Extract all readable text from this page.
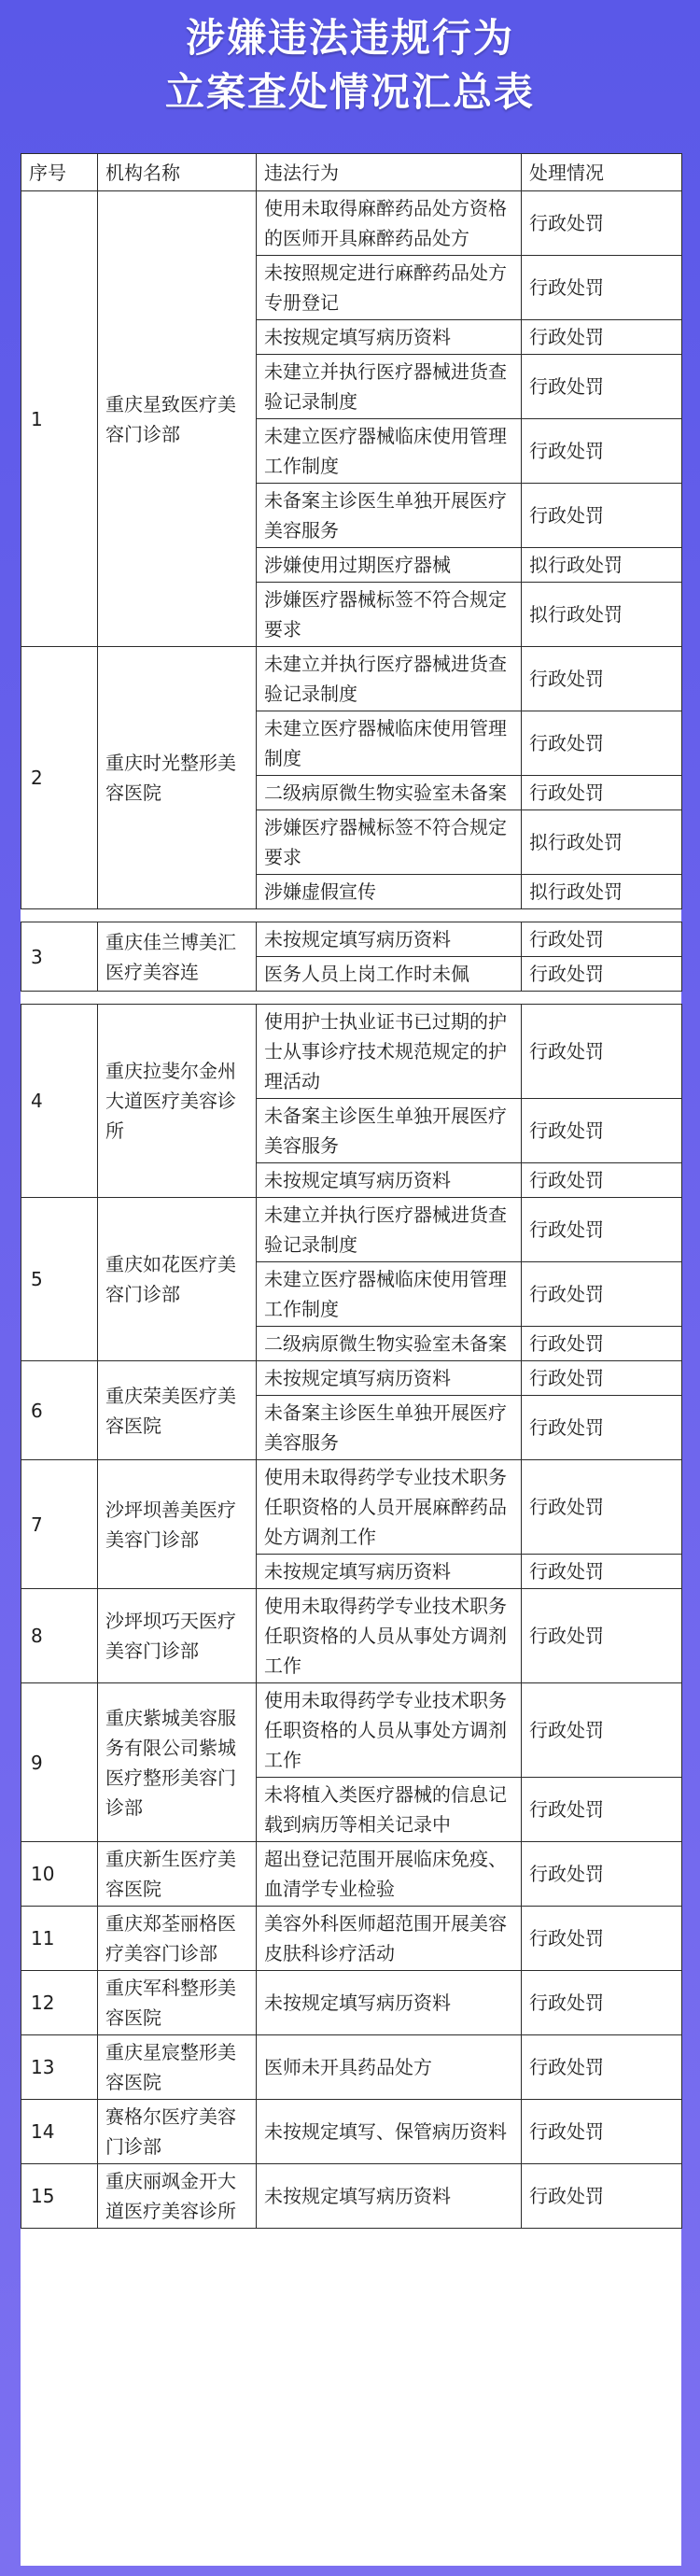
涉嫌违法违规行为
立案查处情况汇总表
序号	机构名称	违法行为	处理情况
1	重庆星致医疗美容门诊部	使用未取得麻醉药品处方资格的医师开具麻醉药品处方	行政处罚
		未按照规定进行麻醉药品处方专册登记	行政处罚
		未按规定填写病历资料	行政处罚
		未建立并执行医疗器械进货查验记录制度	行政处罚
		未建立医疗器械临床使用管理工作制度	行政处罚
		未备案主诊医生单独开展医疗美容服务	行政处罚
		涉嫌使用过期医疗器械	拟行政处罚
		涉嫌医疗器械标签不符合规定要求	拟行政处罚
2	重庆时光整形美容医院	未建立并执行医疗器械进货查验记录制度	行政处罚
		未建立医疗器械临床使用管理制度	行政处罚
		二级病原微生物实验室未备案	行政处罚
		涉嫌医疗器械标签不符合规定要求	拟行政处罚
		涉嫌虚假宣传	拟行政处罚

3	重庆佳兰博美汇医疗美容连	未按规定填写病历资料	行政处罚
		医务人员上岗工作时未佩	行政处罚

4	重庆拉斐尔金州大道医疗美容诊所	使用护士执业证书已过期的护士从事诊疗技术规范规定的护理活动	行政处罚
		未备案主诊医生单独开展医疗美容服务	行政处罚
		未按规定填写病历资料	行政处罚
5	重庆如花医疗美容门诊部	未建立并执行医疗器械进货查验记录制度	行政处罚
		未建立医疗器械临床使用管理工作制度	行政处罚
		二级病原微生物实验室未备案	行政处罚
6	重庆荣美医疗美容医院	未按规定填写病历资料	行政处罚
		未备案主诊医生单独开展医疗美容服务	行政处罚
7	沙坪坝善美医疗美容门诊部	使用未取得药学专业技术职务任职资格的人员开展麻醉药品处方调剂工作	行政处罚
		未按规定填写病历资料	行政处罚
8	沙坪坝巧天医疗美容门诊部	使用未取得药学专业技术职务任职资格的人员从事处方调剂工作	行政处罚
9	重庆紫城美容服务有限公司紫城医疗整形美容门诊部	使用未取得药学专业技术职务任职资格的人员从事处方调剂工作	行政处罚
		未将植入类医疗器械的信息记载到病历等相关记录中	行政处罚
10	重庆新生医疗美容医院	超出登记范围开展临床免疫、血清学专业检验	行政处罚
11	重庆郑荃丽格医疗美容门诊部	美容外科医师超范围开展美容皮肤科诊疗活动	行政处罚
12	重庆军科整形美容医院	未按规定填写病历资料	行政处罚
13	重庆星宸整形美容医院	医师未开具药品处方	行政处罚
14	赛格尔医疗美容门诊部	未按规定填写、保管病历资料	行政处罚
15	重庆丽飒金开大道医疗美容诊所	未按规定填写病历资料	行政处罚
